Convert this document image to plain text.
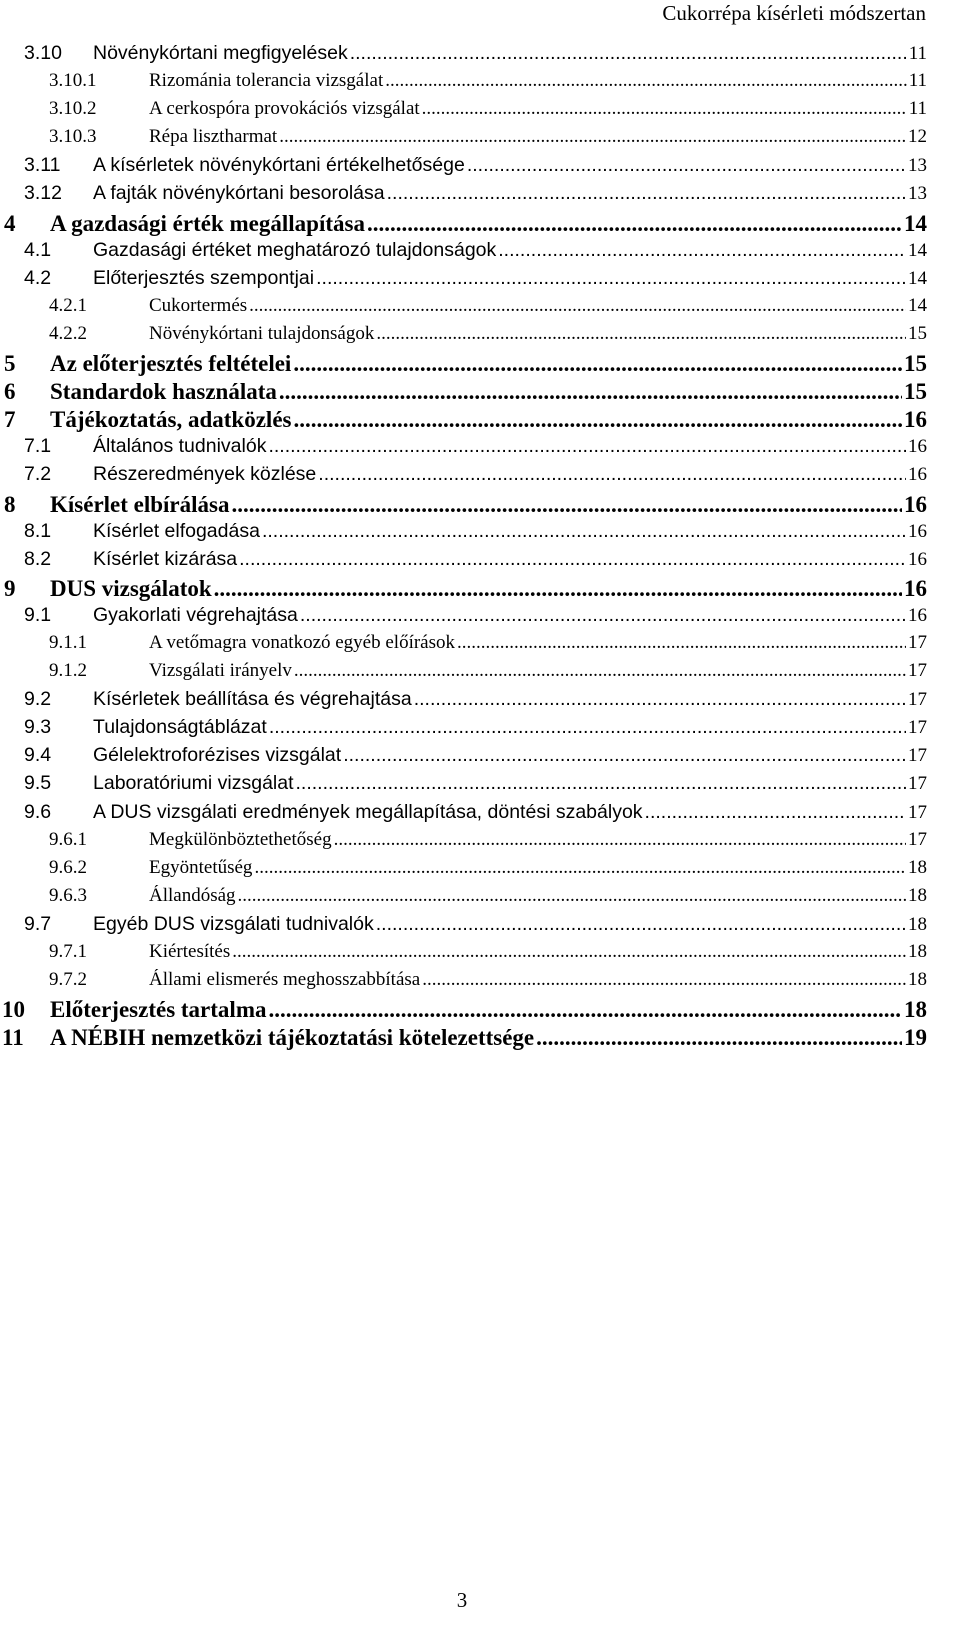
Cukorrépa kísérleti módszertan
3.10	Növénykórtani megfigyelések .....	11
3.10.1	Rizománia tolerancia vizsgálat .....	11
3.10.2	A cerkospóra provokációs vizsgálat .....	11
3.10.3	Répa lisztharmat .....	12
3.11	A kísérletek növénykórtani értékelhetősége .....	13
3.12	A fajták növénykórtani besorolása .....	13
4	A gazdasági érték megállapítása .....	14
4.1	Gazdasági értéket meghatározó tulajdonságok .....	14
4.2	Előterjesztés szempontjai .....	14
4.2.1	Cukortermés .....	14
4.2.2	Növénykórtani tulajdonságok .....	15
5	Az előterjesztés feltételei .....	15
6	Standardok használata .....	15
7	Tájékoztatás, adatközlés .....	16
7.1	Általános tudnivalók .....	16
7.2	Részeredmények közlése .....	16
8	Kísérlet elbírálása .....	16
8.1	Kísérlet elfogadása .....	16
8.2	Kísérlet kizárása .....	16
9	DUS vizsgálatok .....	16
9.1	Gyakorlati végrehajtása .....	16
9.1.1	A vetőmagra vonatkozó egyéb előírások .....	17
9.1.2	Vizsgálati irányelv .....	17
9.2	Kísérletek beállítása és végrehajtása .....	17
9.3	Tulajdonságtáblázat .....	17
9.4	Gélelektroforézises vizsgálat .....	17
9.5	Laboratóriumi vizsgálat .....	17
9.6	A DUS vizsgálati eredmények megállapítása, döntési szabályok .....	17
9.6.1	Megkülönböztethetőség .....	17
9.6.2	Egyöntetűség .....	18
9.6.3	Állandóság .....	18
9.7	Egyéb DUS vizsgálati tudnivalók .....	18
9.7.1	Kiértesítés .....	18
9.7.2	Állami elismerés meghosszabbítása .....	18
10	Előterjesztés tartalma .....	18
11	A NÉBIH nemzetközi tájékoztatási kötelezettsége .....	19
3
